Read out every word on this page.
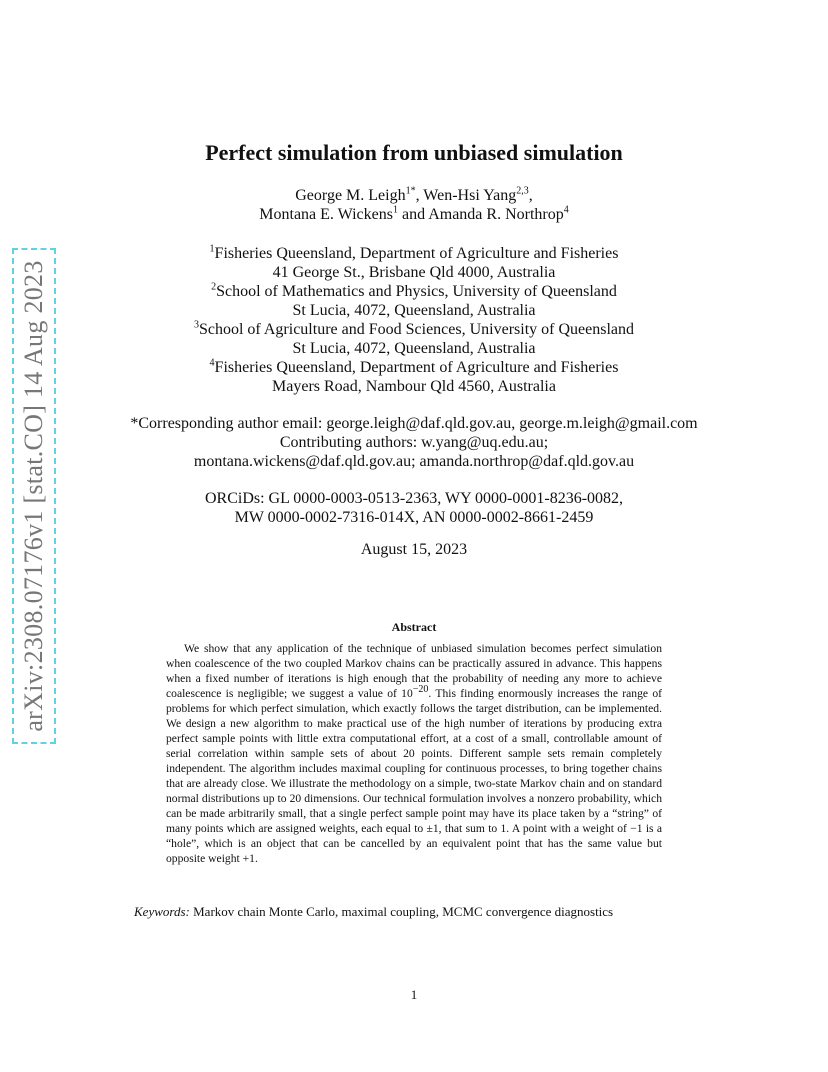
arXiv:2308.07176v1 [stat.CO] 14 Aug 2023
Perfect simulation from unbiased simulation
George M. Leigh$^{1*}$, Wen-Hsi Yang$^{2,3}$,
Montana E. Wickens$^1$ and Amanda R. Northrop$^4$
$^1$Fisheries Queensland, Department of Agriculture and Fisheries
41 George St., Brisbane Qld 4000, Australia
$^2$School of Mathematics and Physics, University of Queensland
St Lucia, 4072, Queensland, Australia
$^3$School of Agriculture and Food Sciences, University of Queensland
St Lucia, 4072, Queensland, Australia
$^4$Fisheries Queensland, Department of Agriculture and Fisheries
Mayers Road, Nambour Qld 4560, Australia
*Corresponding author email: george.leigh@daf.qld.gov.au, george.m.leigh@gmail.com
Contributing authors: w.yang@uq.edu.au;
montana.wickens@daf.qld.gov.au; amanda.northrop@daf.qld.gov.au
ORCiDs: GL 0000-0003-0513-2363, WY 0000-0001-8236-0082,
MW 0000-0002-7316-014X, AN 0000-0002-8661-2459
August 15, 2023
Abstract
We show that any application of the technique of unbiased simulation becomes perfect simulation when coalescence of the two coupled Markov chains can be practically assured in advance. This happens when a fixed number of iterations is high enough that the probability of needing any more to achieve coalescence is negligible; we suggest a value of $10^{-20}$. This finding enormously increases the range of problems for which perfect simulation, which exactly follows the target distribution, can be implemented. We design a new algorithm to make practical use of the high number of iterations by producing extra perfect sample points with little extra computational effort, at a cost of a small, controllable amount of serial correlation within sample sets of about 20 points. Different sample sets remain completely independent. The algorithm includes maximal coupling for continuous processes, to bring together chains that are already close. We illustrate the methodology on a simple, two-state Markov chain and on standard normal distributions up to 20 dimensions. Our technical formulation involves a nonzero probability, which can be made arbitrarily small, that a single perfect sample point may have its place taken by a “string” of many points which are assigned weights, each equal to ±1, that sum to 1. A point with a weight of −1 is a “hole”, which is an object that can be cancelled by an equivalent point that has the same value but opposite weight +1.
Keywords: Markov chain Monte Carlo, maximal coupling, MCMC convergence diagnostics
1
